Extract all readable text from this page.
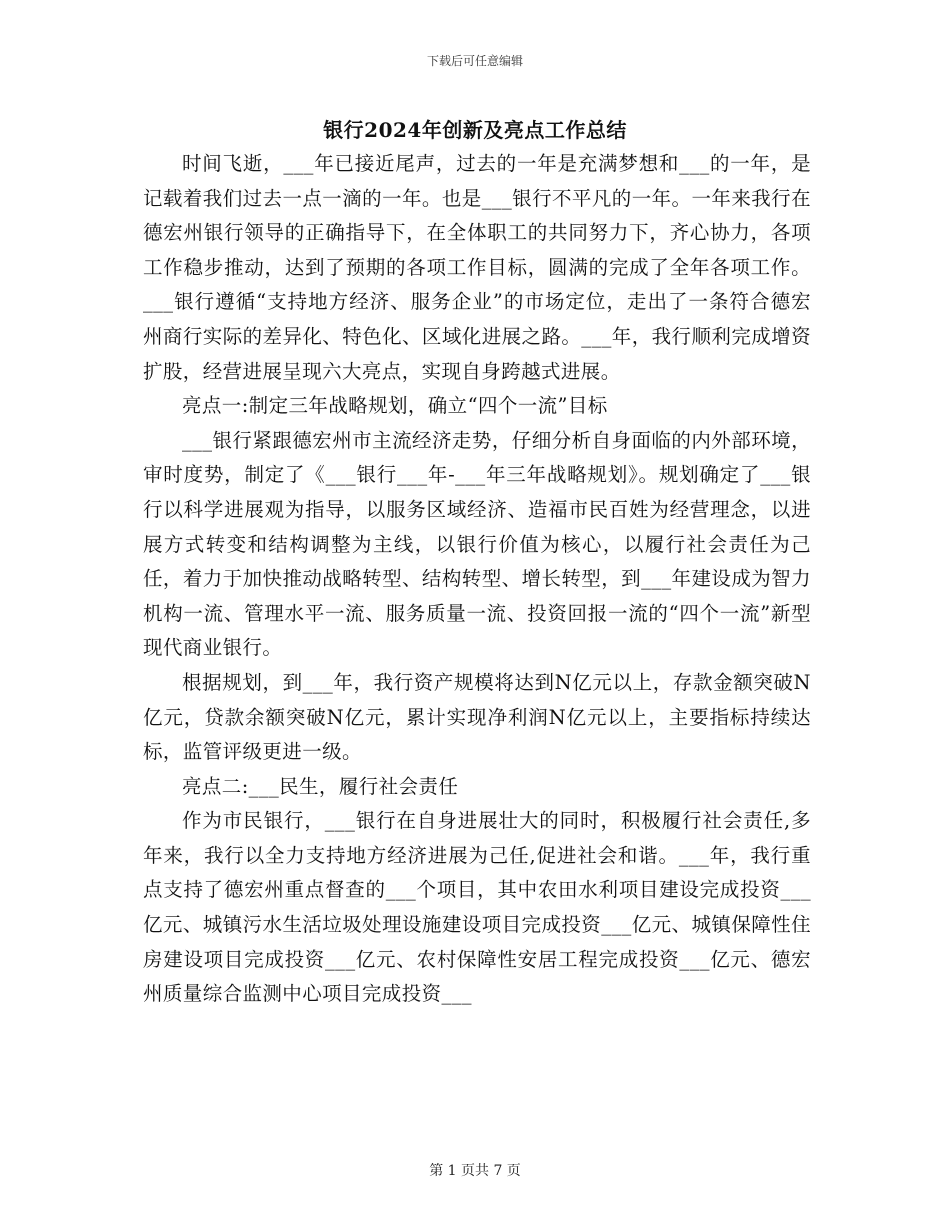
下载后可任意编辑
银行2024年创新及亮点工作总结

时间飞逝，___年已接近尾声，过去的一年是充满梦想和___的一年，是记载着我们过去一点一滴的一年。也是___银行不平凡的一年。一年来我行在德宏州银行领导的正确指导下，在全体职工的共同努力下，齐心协力，各项工作稳步推动，达到了预期的各项工作目标，圆满的完成了全年各项工作。___银行遵循“支持地方经济、服务企业”的市场定位，走出了一条符合德宏州商行实际的差异化、特色化、区域化进展之路。___年，我行顺利完成增资扩股，经营进展呈现六大亮点，实现自身跨越式进展。

亮点一:制定三年战略规划，确立“四个一流”目标

___银行紧跟德宏州市主流经济走势，仔细分析自身面临的内外部环境，审时度势，制定了《___银行___年-___年三年战略规划》。规划确定了___银行以科学进展观为指导，以服务区域经济、造福市民百姓为经营理念，以进展方式转变和结构调整为主线，以银行价值为核心，以履行社会责任为己任，着力于加快推动战略转型、结构转型、增长转型，到___年建设成为智力机构一流、管理水平一流、服务质量一流、投资回报一流的“四个一流”新型现代商业银行。

根据规划，到___年，我行资产规模将达到N亿元以上，存款金额突破N亿元，贷款余额突破N亿元，累计实现净利润N亿元以上，主要指标持续达标，监管评级更进一级。

亮点二:___民生，履行社会责任

作为市民银行，___银行在自身进展壮大的同时，积极履行社会责任,多年来，我行以全力支持地方经济进展为己任,促进社会和谐。___年，我行重点支持了德宏州重点督查的___个项目，其中农田水利项目建设完成投资___亿元、城镇污水生活垃圾处理设施建设项目完成投资___亿元、城镇保障性住房建设项目完成投资___亿元、农村保障性安居工程完成投资___亿元、德宏州质量综合监测中心项目完成投资___

第 1 页共 7 页
